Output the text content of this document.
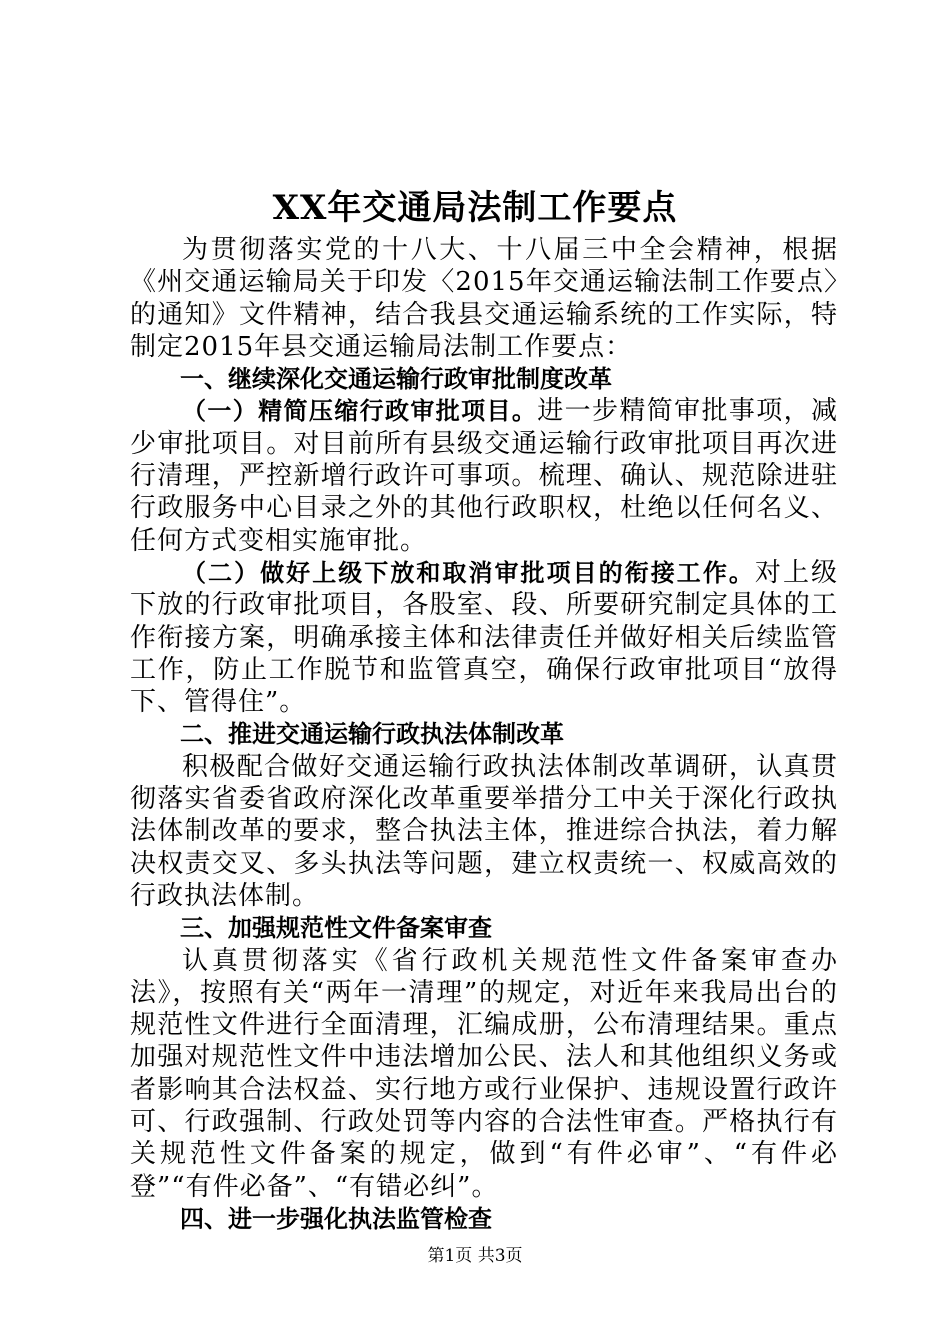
XX年交通局法制工作要点

为贯彻落实党的十八大、十八届三中全会精神，根据《州交通运输局关于印发〈2015年交通运输法制工作要点〉的通知》文件精神，结合我县交通运输系统的工作实际，特制定2015年县交通运输局法制工作要点：

一、继续深化交通运输行政审批制度改革

（一）精简压缩行政审批项目。进一步精简审批事项，减少审批项目。对目前所有县级交通运输行政审批项目再次进行清理，严控新增行政许可事项。梳理、确认、规范除进驻行政服务中心目录之外的其他行政职权，杜绝以任何名义、任何方式变相实施审批。

（二）做好上级下放和取消审批项目的衔接工作。对上级下放的行政审批项目，各股室、段、所要研究制定具体的工作衔接方案，明确承接主体和法律责任并做好相关后续监管工作，防止工作脱节和监管真空，确保行政审批项目“放得下、管得住”。

二、推进交通运输行政执法体制改革

积极配合做好交通运输行政执法体制改革调研，认真贯彻落实省委省政府深化改革重要举措分工中关于深化行政执法体制改革的要求，整合执法主体，推进综合执法，着力解决权责交叉、多头执法等问题，建立权责统一、权威高效的行政执法体制。

三、加强规范性文件备案审查

认真贯彻落实《省行政机关规范性文件备案审查办法》，按照有关“两年一清理”的规定，对近年来我局出台的规范性文件进行全面清理，汇编成册，公布清理结果。重点加强对规范性文件中违法增加公民、法人和其他组织义务或者影响其合法权益、实行地方或行业保护、违规设置行政许可、行政强制、行政处罚等内容的合法性审查。严格执行有关规范性文件备案的规定，做到“有件必审”、“有件必登”“有件必备”、“有错必纠”。

四、进一步强化执法监管检查

第1页 共3页
